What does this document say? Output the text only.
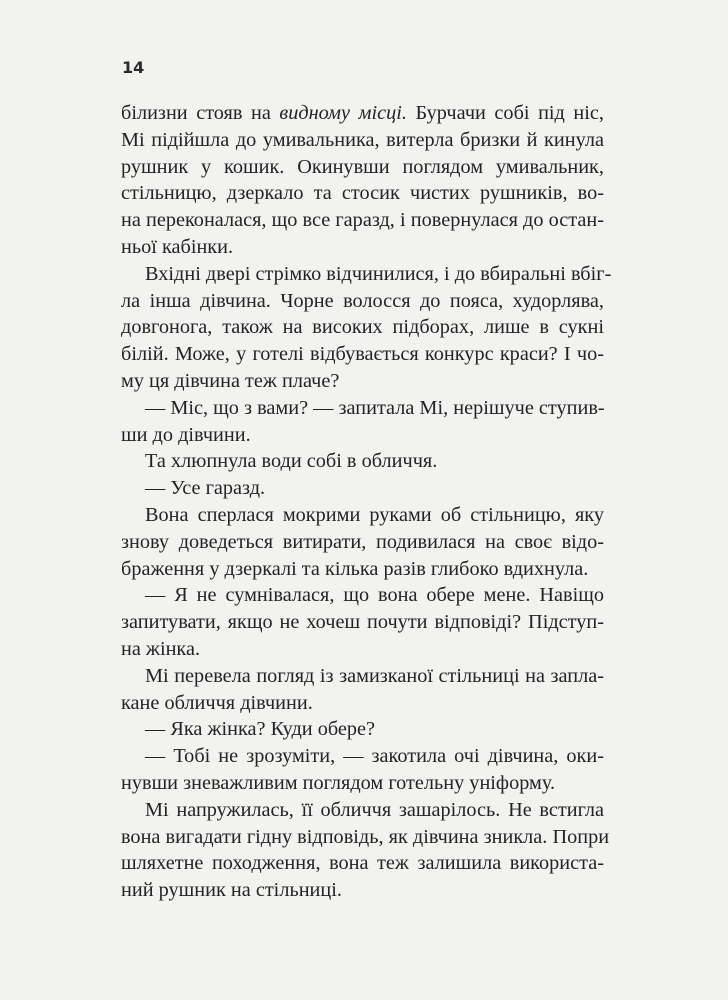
14

білизни стояв на видному місці. Бурчачи собі під ніс,
Мі підійшла до умивальника, витерла бризки й кинула
рушник у кошик. Окинувши поглядом умивальник,
стільницю, дзеркало та стосик чистих рушників, во-
на переконалася, що все гаразд, і повернулася до остан-
ньої кабінки.

Вхідні двері стрімко відчинилися, і до вбиральні вбіг-
ла інша дівчина. Чорне волосся до пояса, худорлява,
довгонога, також на високих підборах, лише в сукні
білій. Може, у готелі відбувається конкурс краси? І чо-
му ця дівчина теж плаче?

— Міс, що з вами? — запитала Мі, нерішуче ступив-
ши до дівчини.

Та хлюпнула води собі в обличчя.

— Усе гаразд.

Вона сперлася мокрими руками об стільницю, яку
знову доведеться витирати, подивилася на своє відо-
браження у дзеркалі та кілька разів глибоко вдихнула.

— Я не сумнівалася, що вона обере мене. Навіщо
запитувати, якщо не хочеш почути відповіді? Підступ-
на жінка.

Мі перевела погляд із замизканої стільниці на запла-
кане обличчя дівчини.

— Яка жінка? Куди обере?

— Тобі не зрозуміти, — закотила очі дівчина, оки-
нувши зневажливим поглядом готельну уніформу.

Мі напружилась, її обличчя зашарілось. Не встигла
вона вигадати гідну відповідь, як дівчина зникла. Попри
шляхетне походження, вона теж залишила використа-
ний рушник на стільниці.
